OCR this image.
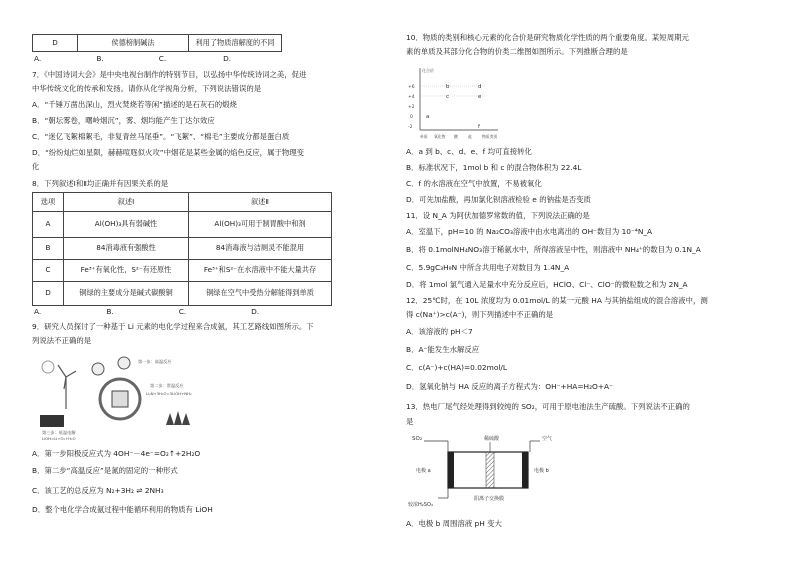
D	侯德榜制碱法	利用了物质溶解度的不同
A.	B.	C.	D.
7．《中国诗词大会》是中央电视台制作的特别节目，以弘扬中华传统诗词之美，促进
中华传统文化的传承和发扬。请你从化学视角分析，下列说法错误的是
A．“千锤万凿出深山，烈火焚烧若等闲”描述的是石灰石的煅烧
B．“朝坛雾卷，曙岭烟沉”，雾、烟均能产生丁达尔效应
C．“迷亿飞絮棉絮毛，非复青丝马尾垂”。“飞絮”、“棉毛”主要成分都是蛋白质
D．“纷纷灿烂如星陨，赫赫喧豗似火攻”中烟花是某些金属的焰色反应，属于物理变
化
8．下列叙述Ⅰ和Ⅱ均正确并有因果关系的是
选项	叙述Ⅰ	叙述Ⅱ
A	Al(OH)₃具有弱碱性	Al(OH)₃可用于制胃酸中和剂
B	84消毒液有强酸性	84消毒液与洁厕灵不能混用
C	Fe³⁺有氧化性，S²⁻有还原性	Fe³⁺和S²⁻在水溶液中不能大量共存
D	铜绿的主要成分是碱式碳酸铜	铜绿在空气中受热分解能得到单质
A.	B.	C.	D.
9．研究人员探讨了一种基于 Li 元素的电化学过程来合成氨，其工艺路线如图所示。下
列说法不正确的是
第一步：高温反应
第二步：常温反应
Li₃N+3H₂O=3LiOH+NH₃
第三步：低温电解
LiOH=Li+O₂+H₂O
A．第一步阳极反应式为 4OH⁻－4e⁻=O₂↑+2H₂O
B．第二步“高温反应”是氮的固定的一种形式
C．该工艺的总反应为 N₂+3H₂ ⇌ 2NH₃
D．整个电化学合成氨过程中能循环利用的物质有 LiOH
10．物质的类别和核心元素的化合价是研究物质化学性质的两个重要角度。某短周期元
素的单质及其部分化合物的价类二维图如图所示。下列推断合理的是
化合价
+6
+4
+2
0
-2
a
b
c
d
e
f
单质 氧化物 酸	盐	物质类别
A．a 到 b、c、d、e、f 均可直接转化
B．标准状况下，1mol b 和 c 的混合物体积为 22.4L
C．f 的水溶液在空气中放置，不易被氧化
D．可先加盐酸，再加氯化钡溶液检验 e 的钠盐是否变质
11．设 N_A 为阿伏加德罗常数的值，下列说法正确的是
A．室温下，pH=10 的 Na₂CO₃溶液中由水电离出的 OH⁻数目为 10⁻⁴N_A
B．将 0.1molNH₄NO₃溶于稀氨水中，所得溶液呈中性，则溶液中 NH₄⁺的数目为 0.1N_A
C．5.9gC₃H₉N 中所含共用电子对数目为 1.4N_A
D．将 1mol 氯气通入足量水中充分反应后，HClO、Cl⁻、ClO⁻的微粒数之和为 2N_A
12．25℃时，在 10L 浓度均为 0.01mol/L 的某一元酸 HA 与其钠盐组成的混合溶液中，测
得 c(Na⁺)>c(A⁻)，则下列描述中不正确的是
A．该溶液的 pH＜7
B．A⁻能发生水解反应
C．c(A⁻)+c(HA)=0.02mol/L
D．氢氧化钠与 HA 反应的离子方程式为：OH⁻+HA=H₂O+A⁻
13．热电厂尾气经处理得到较纯的 SO₂，可用于原电池法生产硫酸。下列说法不正确的
是
SO₂	稀硫酸	空气
电极 a	电极 b
较浓H₂SO₄
阳离子交换膜
A．电极 b 周围溶液 pH 变大
